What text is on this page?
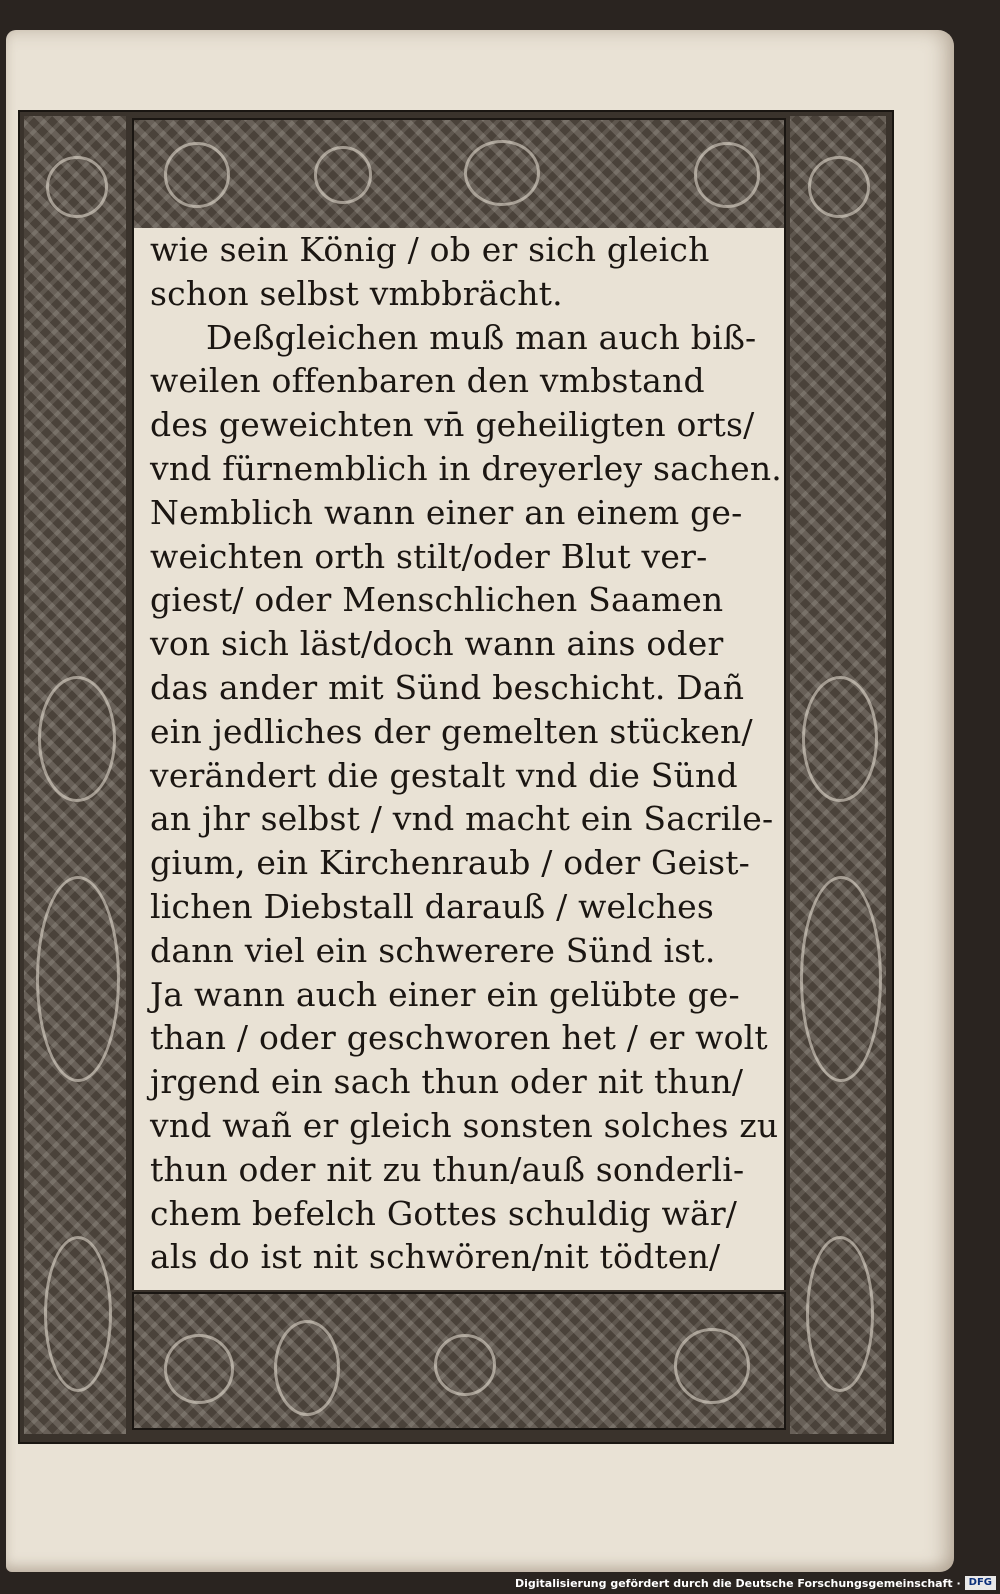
wie sein König / ob er sich gleich
schon selbst vmbbrächt.
Deßgleichen muß man auch biß-
weilen offenbaren den vmbstand
des geweichten vn̄ geheiligten orts/
vnd fürnemblich in dreyerley sachen.
Nemblich wann einer an einem ge-
weichten orth stilt/oder Blut ver-
giest/ oder Menschlichen Saamen
von sich läst/doch wann ains oder
das ander mit Sünd beschicht. Dañ
ein jedliches der gemelten stücken/
verändert die gestalt vnd die Sünd
an jhr selbst / vnd macht ein Sacrile-
gium, ein Kirchenraub / oder Geist-
lichen Diebstall darauß / welches
dann viel ein schwerere Sünd ist.
Ja wann auch einer ein gelübte ge-
than / oder geschworen het / er wolt
jrgend ein sach thun oder nit thun/
vnd wañ er gleich sonsten solches zu
thun oder nit zu thun/auß sonderli-
chem befelch Gottes schuldig wär/
als do ist nit schwören/nit tödten/

Digitalisierung gefördert durch die Deutsche Forschungsgemeinschaft · DFG
